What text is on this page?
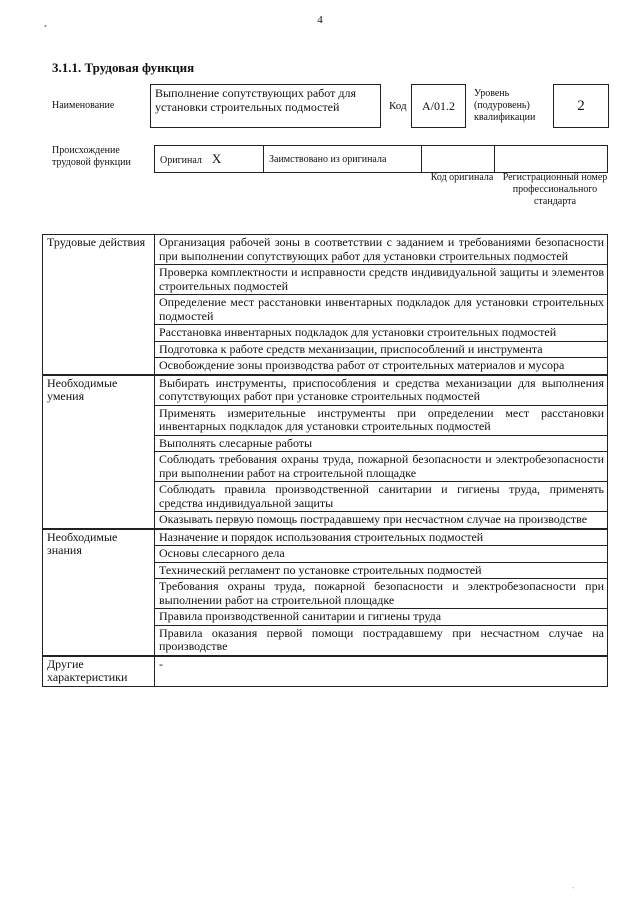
•
4
3.1.1. Трудовая функция
Наименование
Выполнение сопутствующих работ для установки строительных подмостей	Код А/01.2
Уровень (подуровень) квалификации
2
Происхождение трудовой функции	Оригинал X	Заимствовано из оригинала		
Код оригинала Регистрационный номер профессионального стандарта
Трудовые действия	Организация рабочей зоны в соответствии с заданием и требованиями безопасности при выполнении сопутствующих работ для установки строительных подмостей
	Проверка комплектности и исправности средств индивидуальной защиты и элементов строительных подмостей
	Определение мест расстановки инвентарных подкладок для установки строительных подмостей
	Расстановка инвентарных подкладок для установки строительных подмостей
	Подготовка к работе средств механизации, приспособлений и инструмента
	Освобождение зоны производства работ от строительных материалов и мусора
Необходимые умения	Выбирать инструменты, приспособления и средства механизации для выполнения сопутствующих работ при установке строительных подмостей
	Применять измерительные инструменты при определении мест расстановки инвентарных подкладок для установки строительных подмостей
	Выполнять слесарные работы
	Соблюдать требования охраны труда, пожарной безопасности и электробезопасности при выполнении работ на строительной площадке
	Соблюдать правила производственной санитарии и гигиены труда, применять средства индивидуальной защиты
	Оказывать первую помощь пострадавшему при несчастном случае на производстве
Необходимые знания	Назначение и порядок использования строительных подмостей
	Основы слесарного дела
	Технический регламент по установке строительных подмостей
	Требования охраны труда, пожарной безопасности и электробезопасности при выполнении работ на строительной площадке
	Правила производственной санитарии и гигиены труда
	Правила оказания первой помощи пострадавшему при несчастном случае на производстве
Другие характеристики	-
`
